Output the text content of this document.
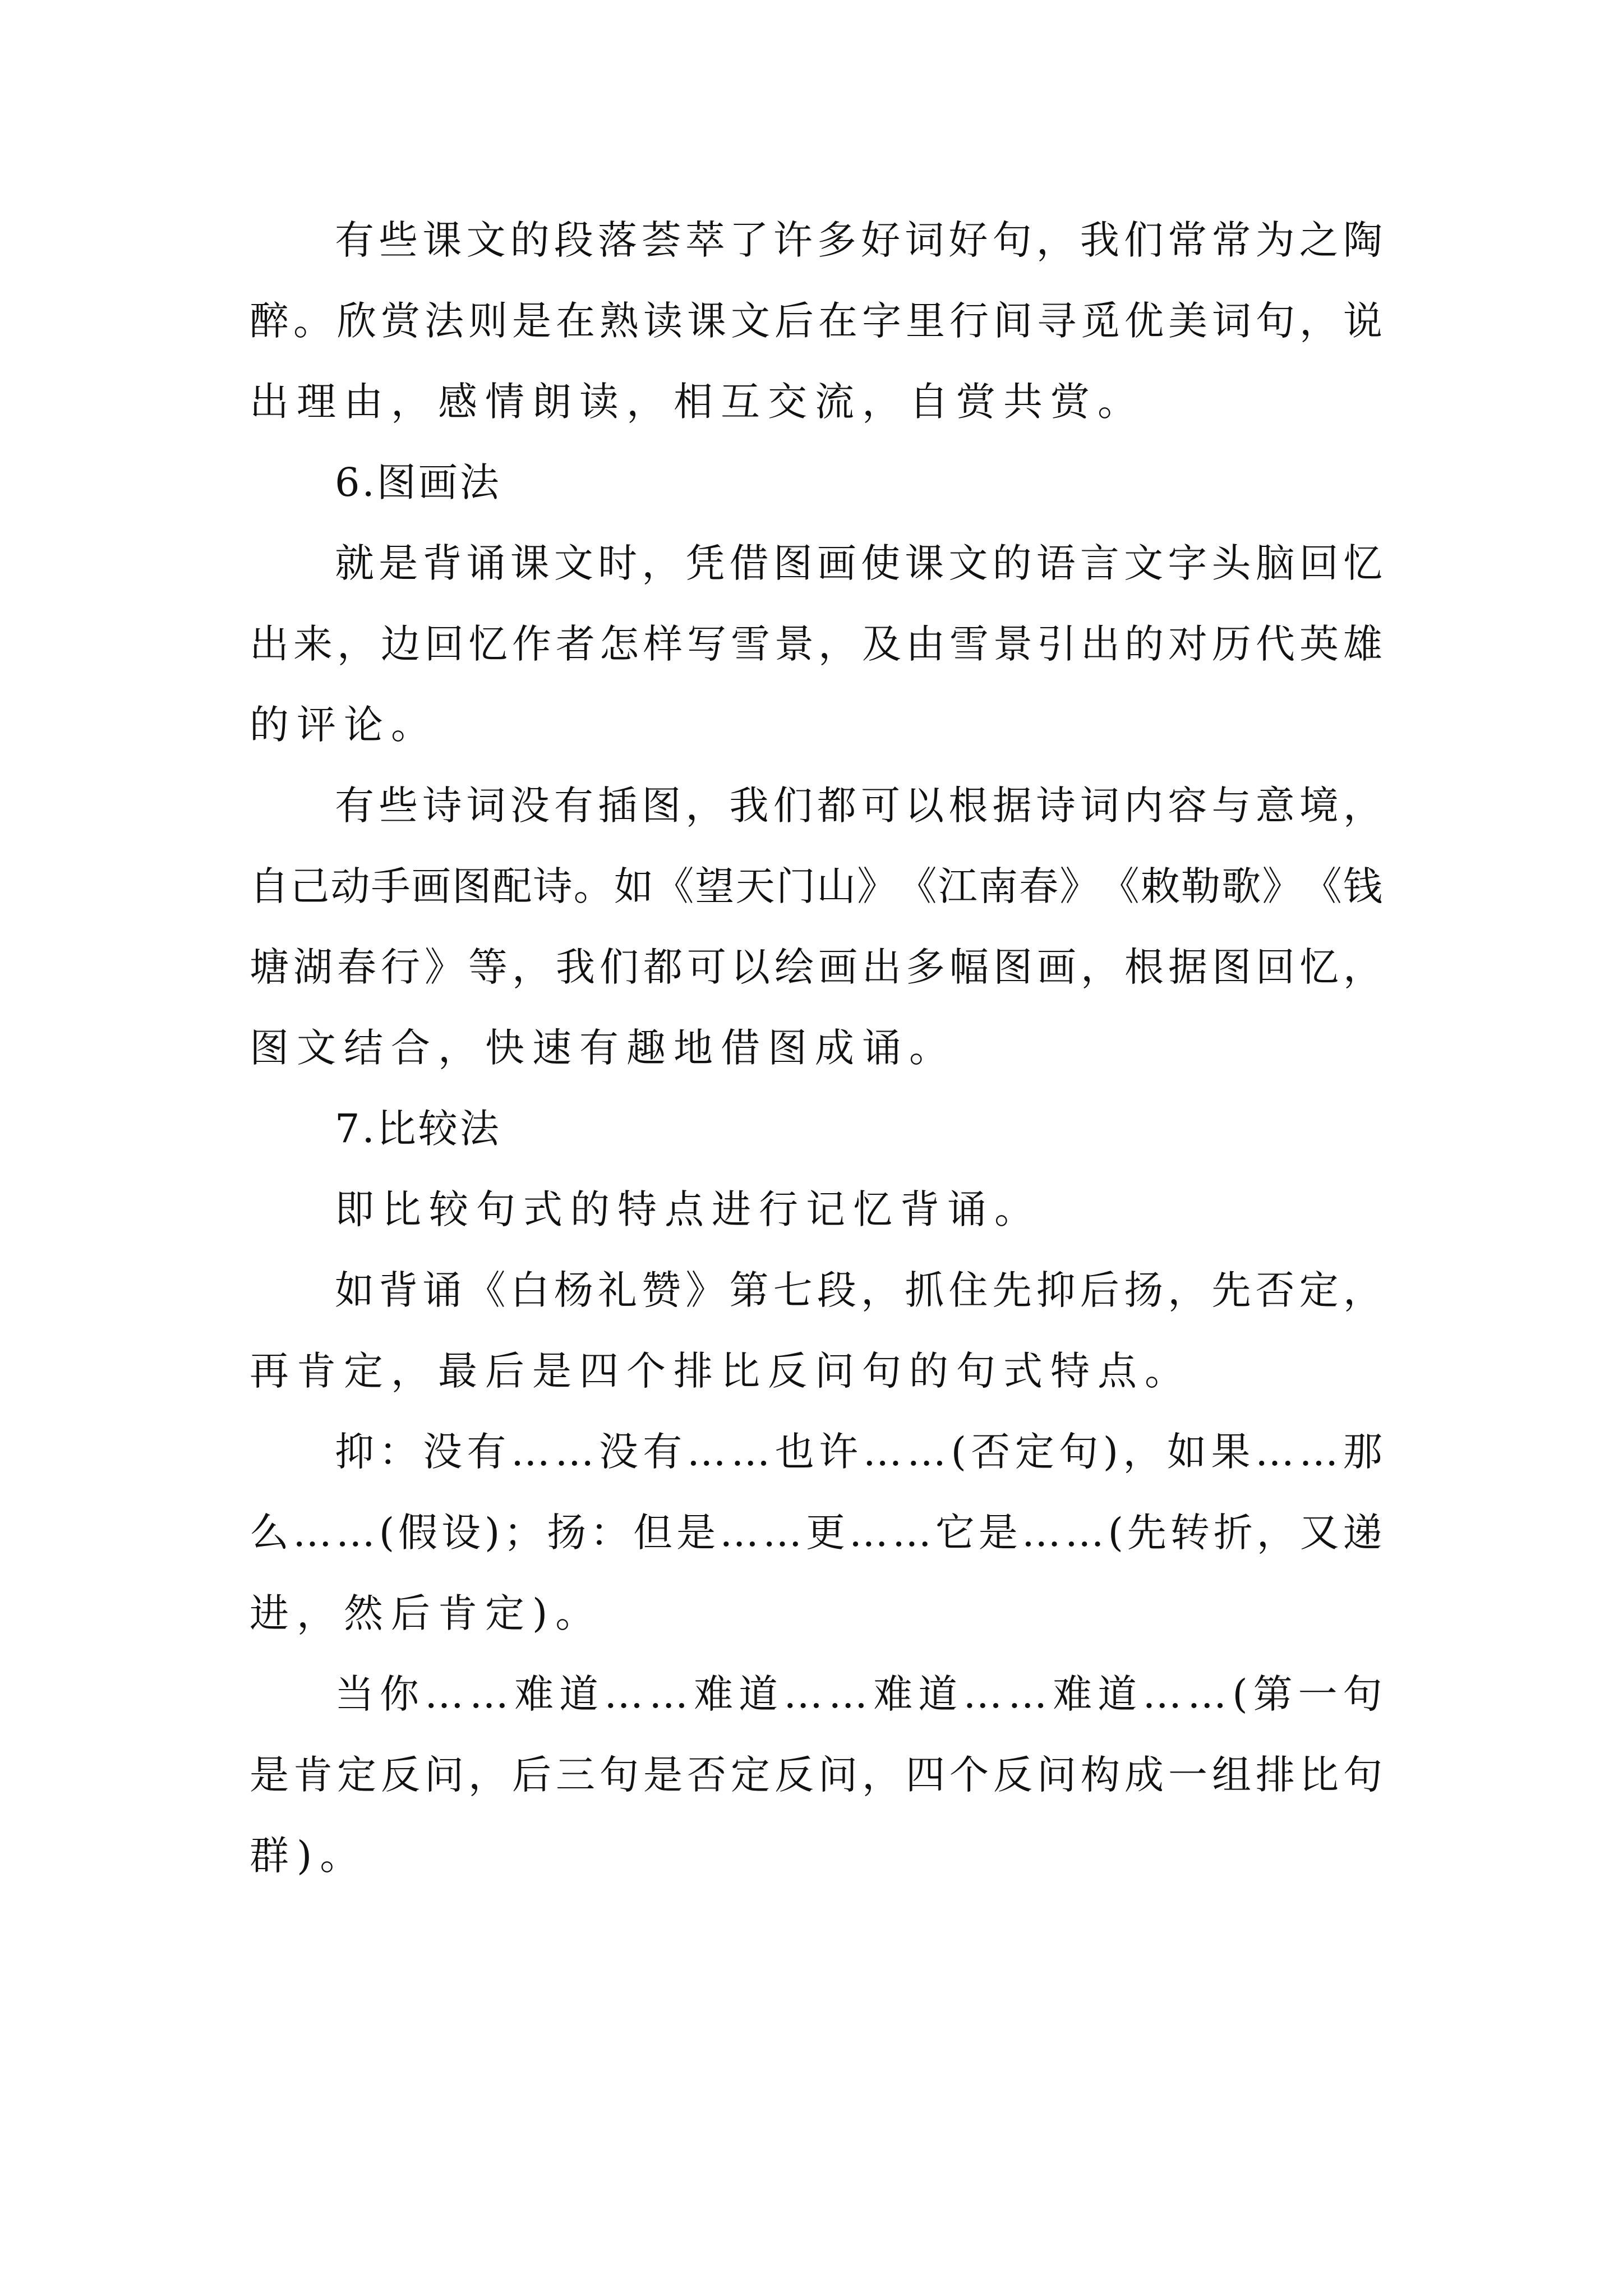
有 些 课 文 的 段 落 荟 萃 了 许 多 好 词 好 句 ， 我 们 常 常 为 之 陶
醉 。 欣 赏 法 则 是 在 熟 读 课 文 后 在 字 里 行 间 寻 觅 优 美 词 句 ， 说
出理由，感情朗读，相互交流，自赏共赏。
6.图画法
就 是 背 诵 课 文 时 ， 凭 借 图 画 使 课 文 的 语 言 文 字 头 脑 回 忆
出 来 ， 边 回 忆 作 者 怎 样 写 雪 景 ， 及 由 雪 景 引 出 的 对 历 代 英 雄
的评论。
有 些 诗 词 没 有 插 图 ， 我 们 都 可 以 根 据 诗 词 内 容 与 意 境 ，
自 己 动 手 画 图 配 诗 。 如 《 望 天 门 山 》 《 江 南 春 》 《 敕 勒 歌 》 《 钱
塘 湖 春 行 》 等 ， 我 们 都 可 以 绘 画 出 多 幅 图 画 ， 根 据 图 回 忆 ，
图文结合，快速有趣地借图成诵。
7.比较法
即比较句式的特点进行记忆背诵。
如 背 诵 《 白 杨 礼 赞 》 第 七 段 ， 抓 住 先 抑 后 扬 ， 先 否 定 ，
再肯定，最后是四个排比反问句的句式特点。
抑 ： 没 有 … … 没 有 … … 也 许 … … ( 否 定 句 ) ， 如 果 … … 那
么 … … ( 假 设 ) ； 扬 ： 但 是 … … 更 … … 它 是 … … ( 先 转 折 ， 又 递
进，然后肯定)。
当 你 … … 难 道 … … 难 道 … … 难 道 … … 难 道 … … ( 第 一 句
是 肯 定 反 问 ， 后 三 句 是 否 定 反 问 ， 四 个 反 问 构 成 一 组 排 比 句
群)。
